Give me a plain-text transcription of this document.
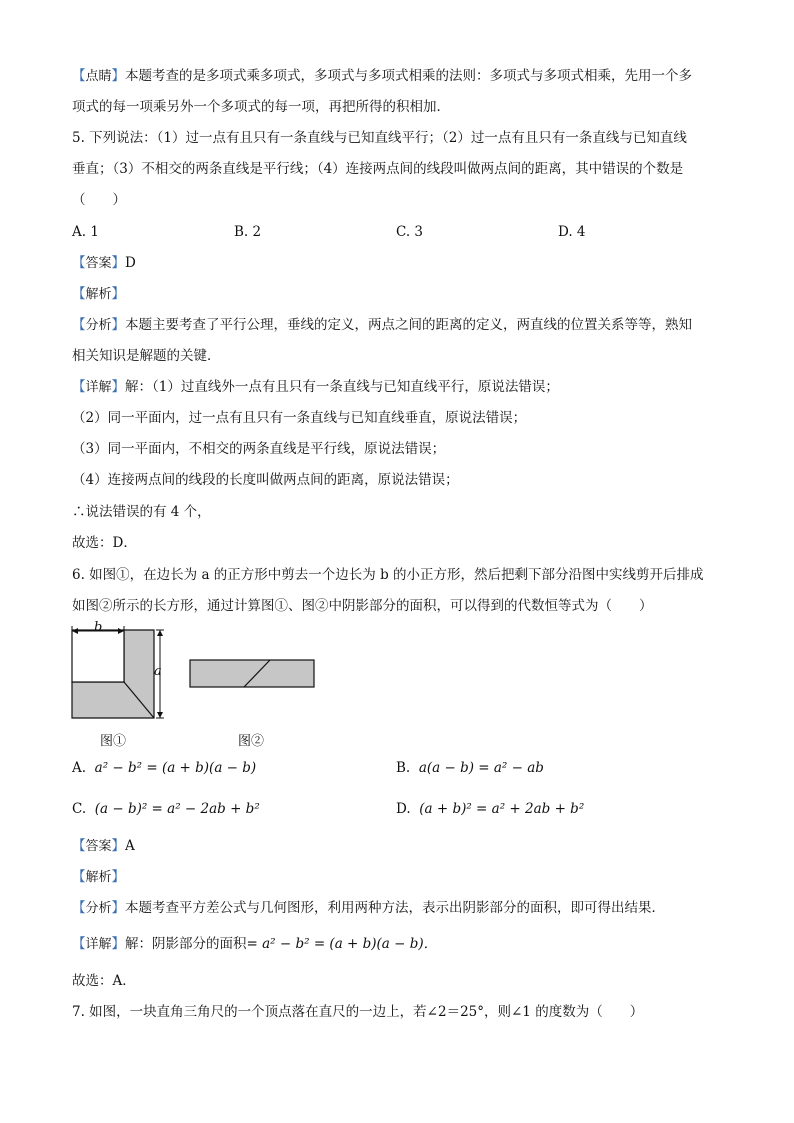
【点睛】本题考查的是多项式乘多项式，多项式与多项式相乘的法则：多项式与多项式相乘，先用一个多
项式的每一项乘另外一个多项式的每一项，再把所得的积相加．
5. 下列说法：（1）过一点有且只有一条直线与已知直线平行；（2）过一点有且只有一条直线与已知直线
垂直；（3）不相交的两条直线是平行线；（4）连接两点间的线段叫做两点间的距离，其中错误的个数是
（　　）
A. 1	B. 2	C. 3	D. 4
【答案】D
【解析】
【分析】本题主要考查了平行公理，垂线的定义，两点之间的距离的定义，两直线的位置关系等等，熟知
相关知识是解题的关键．
【详解】解：（1）过直线外一点有且只有一条直线与已知直线平行，原说法错误；
（2）同一平面内，过一点有且只有一条直线与已知直线垂直，原说法错误；
（3）同一平面内，不相交的两条直线是平行线，原说法错误；
（4）连接两点间的线段的长度叫做两点间的距离，原说法错误；
∴说法错误的有 4 个，
故选：D．
6. 如图①，在边长为 a 的正方形中剪去一个边长为 b 的小正方形，然后把剩下部分沿图中实线剪开后排成
如图②所示的长方形，通过计算图①、图②中阴影部分的面积，可以得到的代数恒等式为（　　）
b
a
图①	图②
A. a² − b² = (a + b)(a − b)	B. a(a − b) = a² − ab
C. (a − b)² = a² − 2ab + b²	D. (a + b)² = a² + 2ab + b²
【答案】A
【解析】
【分析】本题考查平方差公式与几何图形，利用两种方法，表示出阴影部分的面积，即可得出结果．
【详解】解：阴影部分的面积= a² − b² = (a + b)(a − b)．
故选：A．
7. 如图，一块直角三角尺的一个顶点落在直尺的一边上，若∠2＝25°，则∠1 的度数为（　　）
